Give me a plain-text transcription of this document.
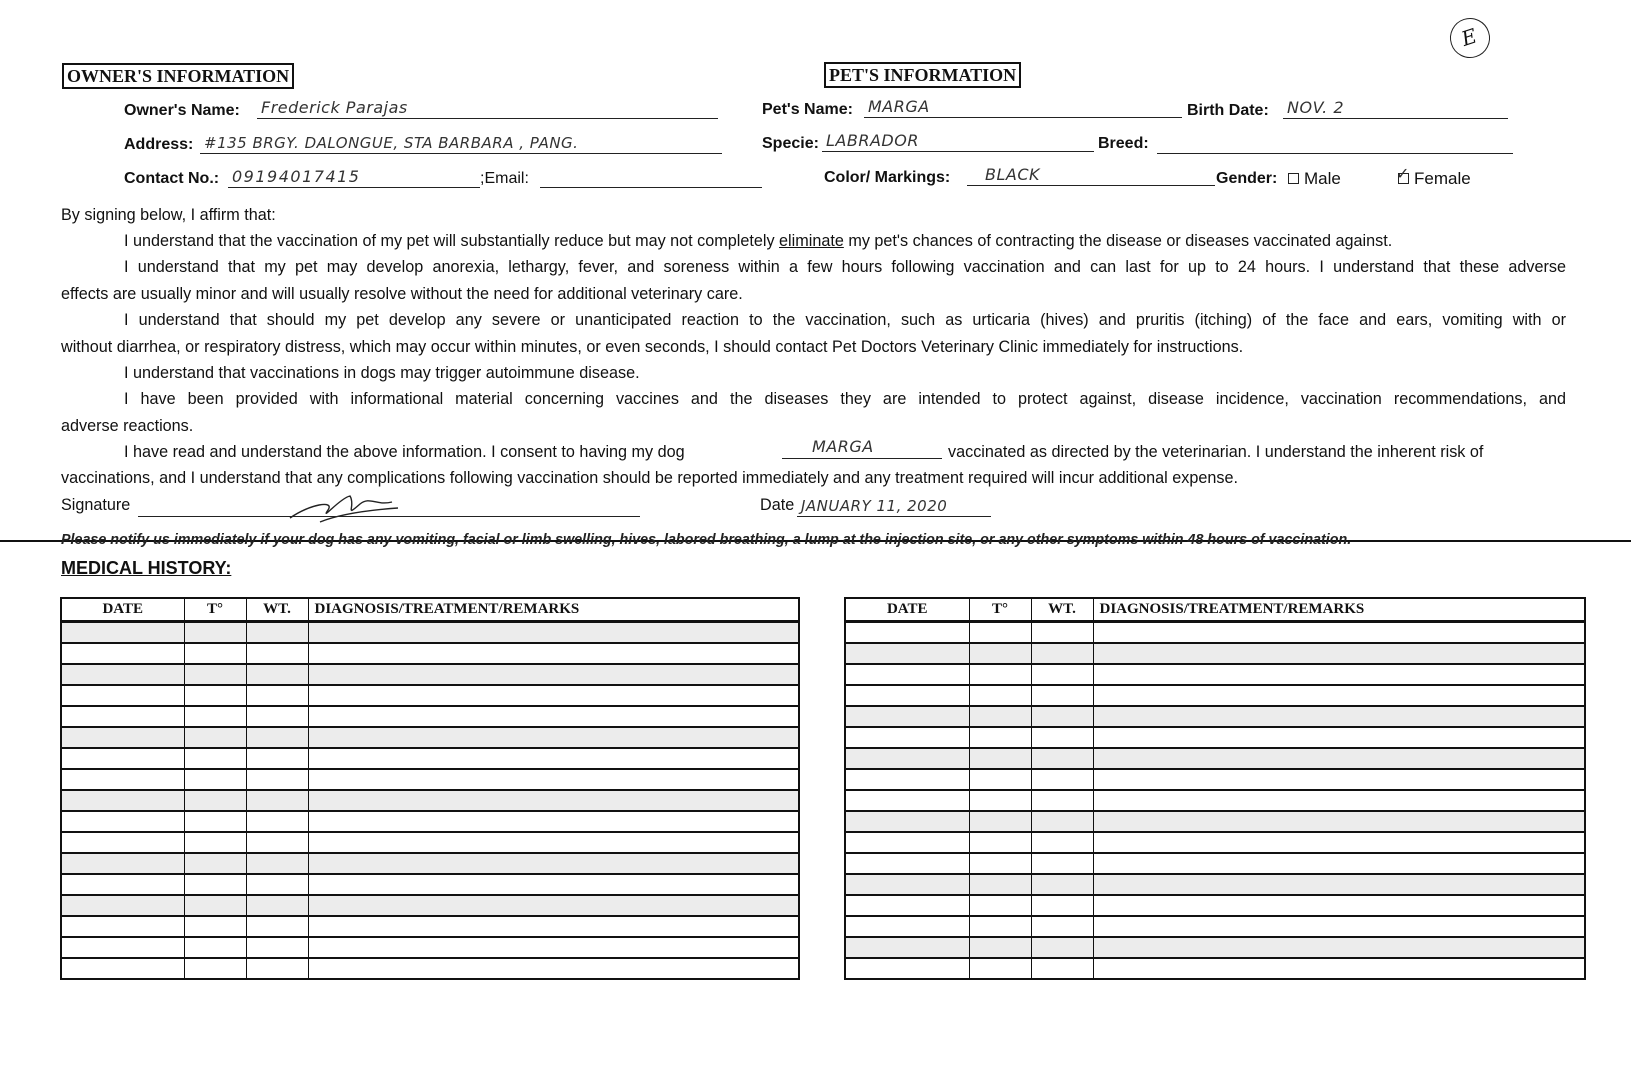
E
OWNER'S INFORMATION
Owner's Name: Frederick Parajas
Address: #135 BRGY. DALONGUE, STA BARBARA , PANG.
Contact No.: 09194017415	;Email:
PET'S INFORMATION
Pet's Name: MARGA	Birth Date: NOV. 2
Specie: LABRADOR	Breed:
Color/ Markings:	BLACK	Gender:	Male	✓ Female
By signing below, I affirm that:
I understand that the vaccination of my pet will substantially reduce but may not completely eliminate my pet's chances of contracting the disease or diseases vaccinated against.
I understand that my pet may develop anorexia, lethargy, fever, and soreness within a few hours following vaccination and can last for up to 24 hours. I understand that these adverse
effects are usually minor and will usually resolve without the need for additional veterinary care.
I understand that should my pet develop any severe or unanticipated reaction to the vaccination, such as urticaria (hives) and pruritis (itching) of the face and ears, vomiting with or
without diarrhea, or respiratory distress, which may occur within minutes, or even seconds, I should contact Pet Doctors Veterinary Clinic immediately for instructions.
I understand that vaccinations in dogs may trigger autoimmune disease.
I have been provided with informational material concerning vaccines and the diseases they are intended to protect against, disease incidence, vaccination recommendations, and
adverse reactions.
I have read and understand the above information. I consent to having my dog	MARGA	vaccinated as directed by the veterinarian. I understand the inherent risk of
vaccinations, and I understand that any complications following vaccination should be reported immediately and any treatment required will incur additional expense.
Signature	Date JANUARY 11, 2020
Please notify us immediately if your dog has any vomiting, facial or limb swelling, hives, labored breathing, a lump at the injection site, or any other symptoms within 48 hours of vaccination.
MEDICAL HISTORY:
DATE	T°	WT.	DIAGNOSIS/TREATMENT/REMARKS

				DATE	T°	WT.	DIAGNOSIS/TREATMENT/REMARKS
